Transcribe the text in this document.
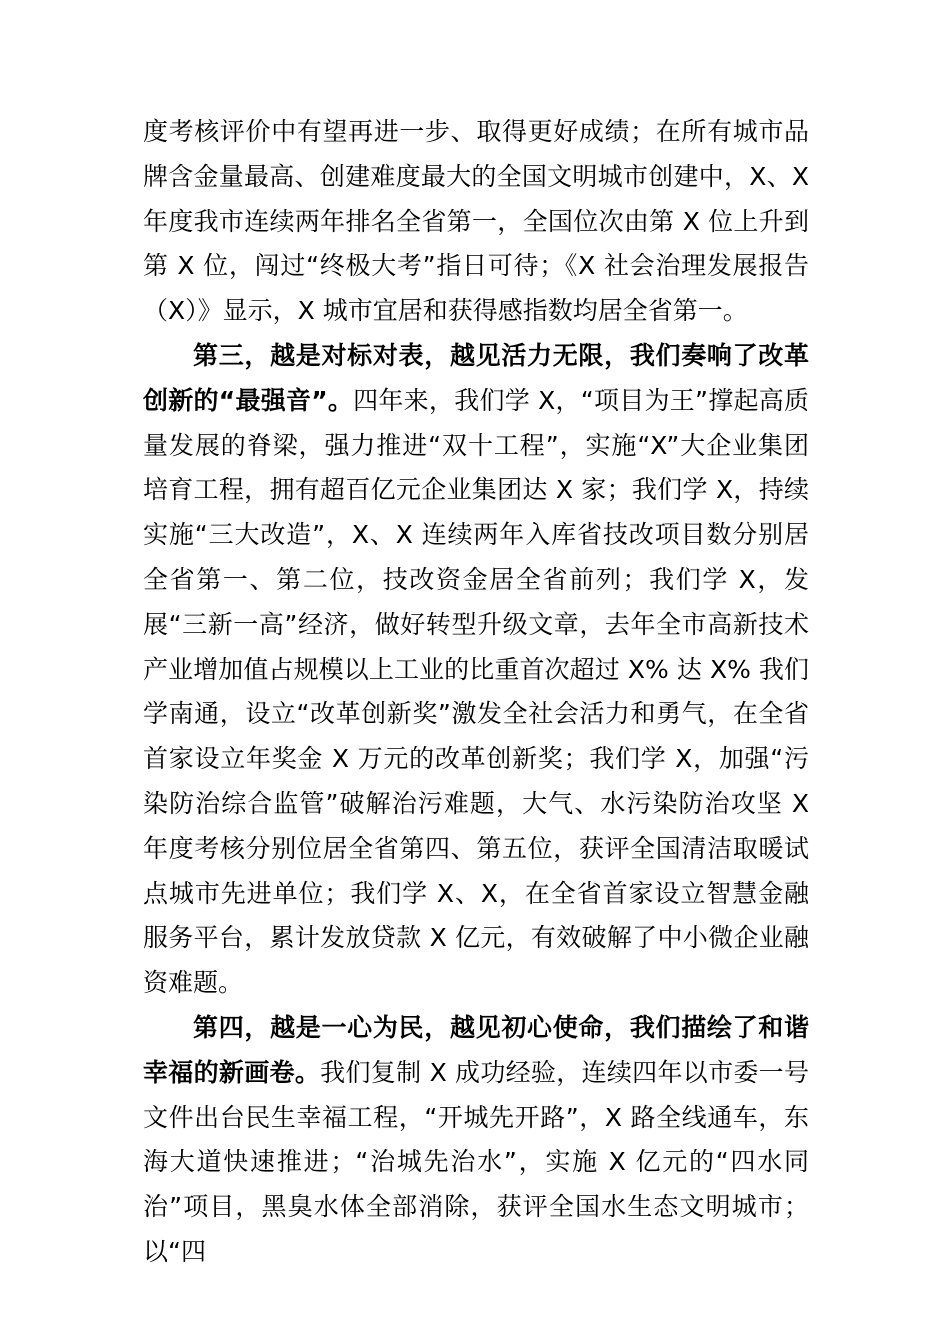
度考核评价中有望再进一步、取得更好成绩；在所有城市品牌含金量最高、创建难度最大的全国文明城市创建中，X、X年度我市连续两年排名全省第一，全国位次由第 X 位上升到第 X 位，闯过“终极大考”指日可待；《X 社会治理发展报告（X）》显示，X 城市宜居和获得感指数均居全省第一。

第三，越是对标对表，越见活力无限，我们奏响了改革创新的“最强音”。四年来，我们学 X，“项目为王”撑起高质量发展的脊梁，强力推进“双十工程”，实施“X”大企业集团培育工程，拥有超百亿元企业集团达 X 家；我们学 X，持续实施“三大改造”，X、X 连续两年入库省技改项目数分别居全省第一、第二位，技改资金居全省前列；我们学 X，发展“三新一高”经济，做好转型升级文章，去年全市高新技术产业增加值占规模以上工业的比重首次超过 X% 达 X% 我们学南通，设立“改革创新奖”激发全社会活力和勇气，在全省首家设立年奖金 X 万元的改革创新奖；我们学 X，加强“污染防治综合监管”破解治污难题，大气、水污染防治攻坚 X 年度考核分别位居全省第四、第五位，获评全国清洁取暖试点城市先进单位；我们学 X、X，在全省首家设立智慧金融服务平台，累计发放贷款 X 亿元，有效破解了中小微企业融资难题。

第四，越是一心为民，越见初心使命，我们描绘了和谐幸福的新画卷。我们复制 X 成功经验，连续四年以市委一号文件出台民生幸福工程，“开城先开路”，X 路全线通车，东海大道快速推进；“治城先治水”，实施 X 亿元的“四水同治”项目，黑臭水体全部消除，获评全国水生态文明城市；以“四
